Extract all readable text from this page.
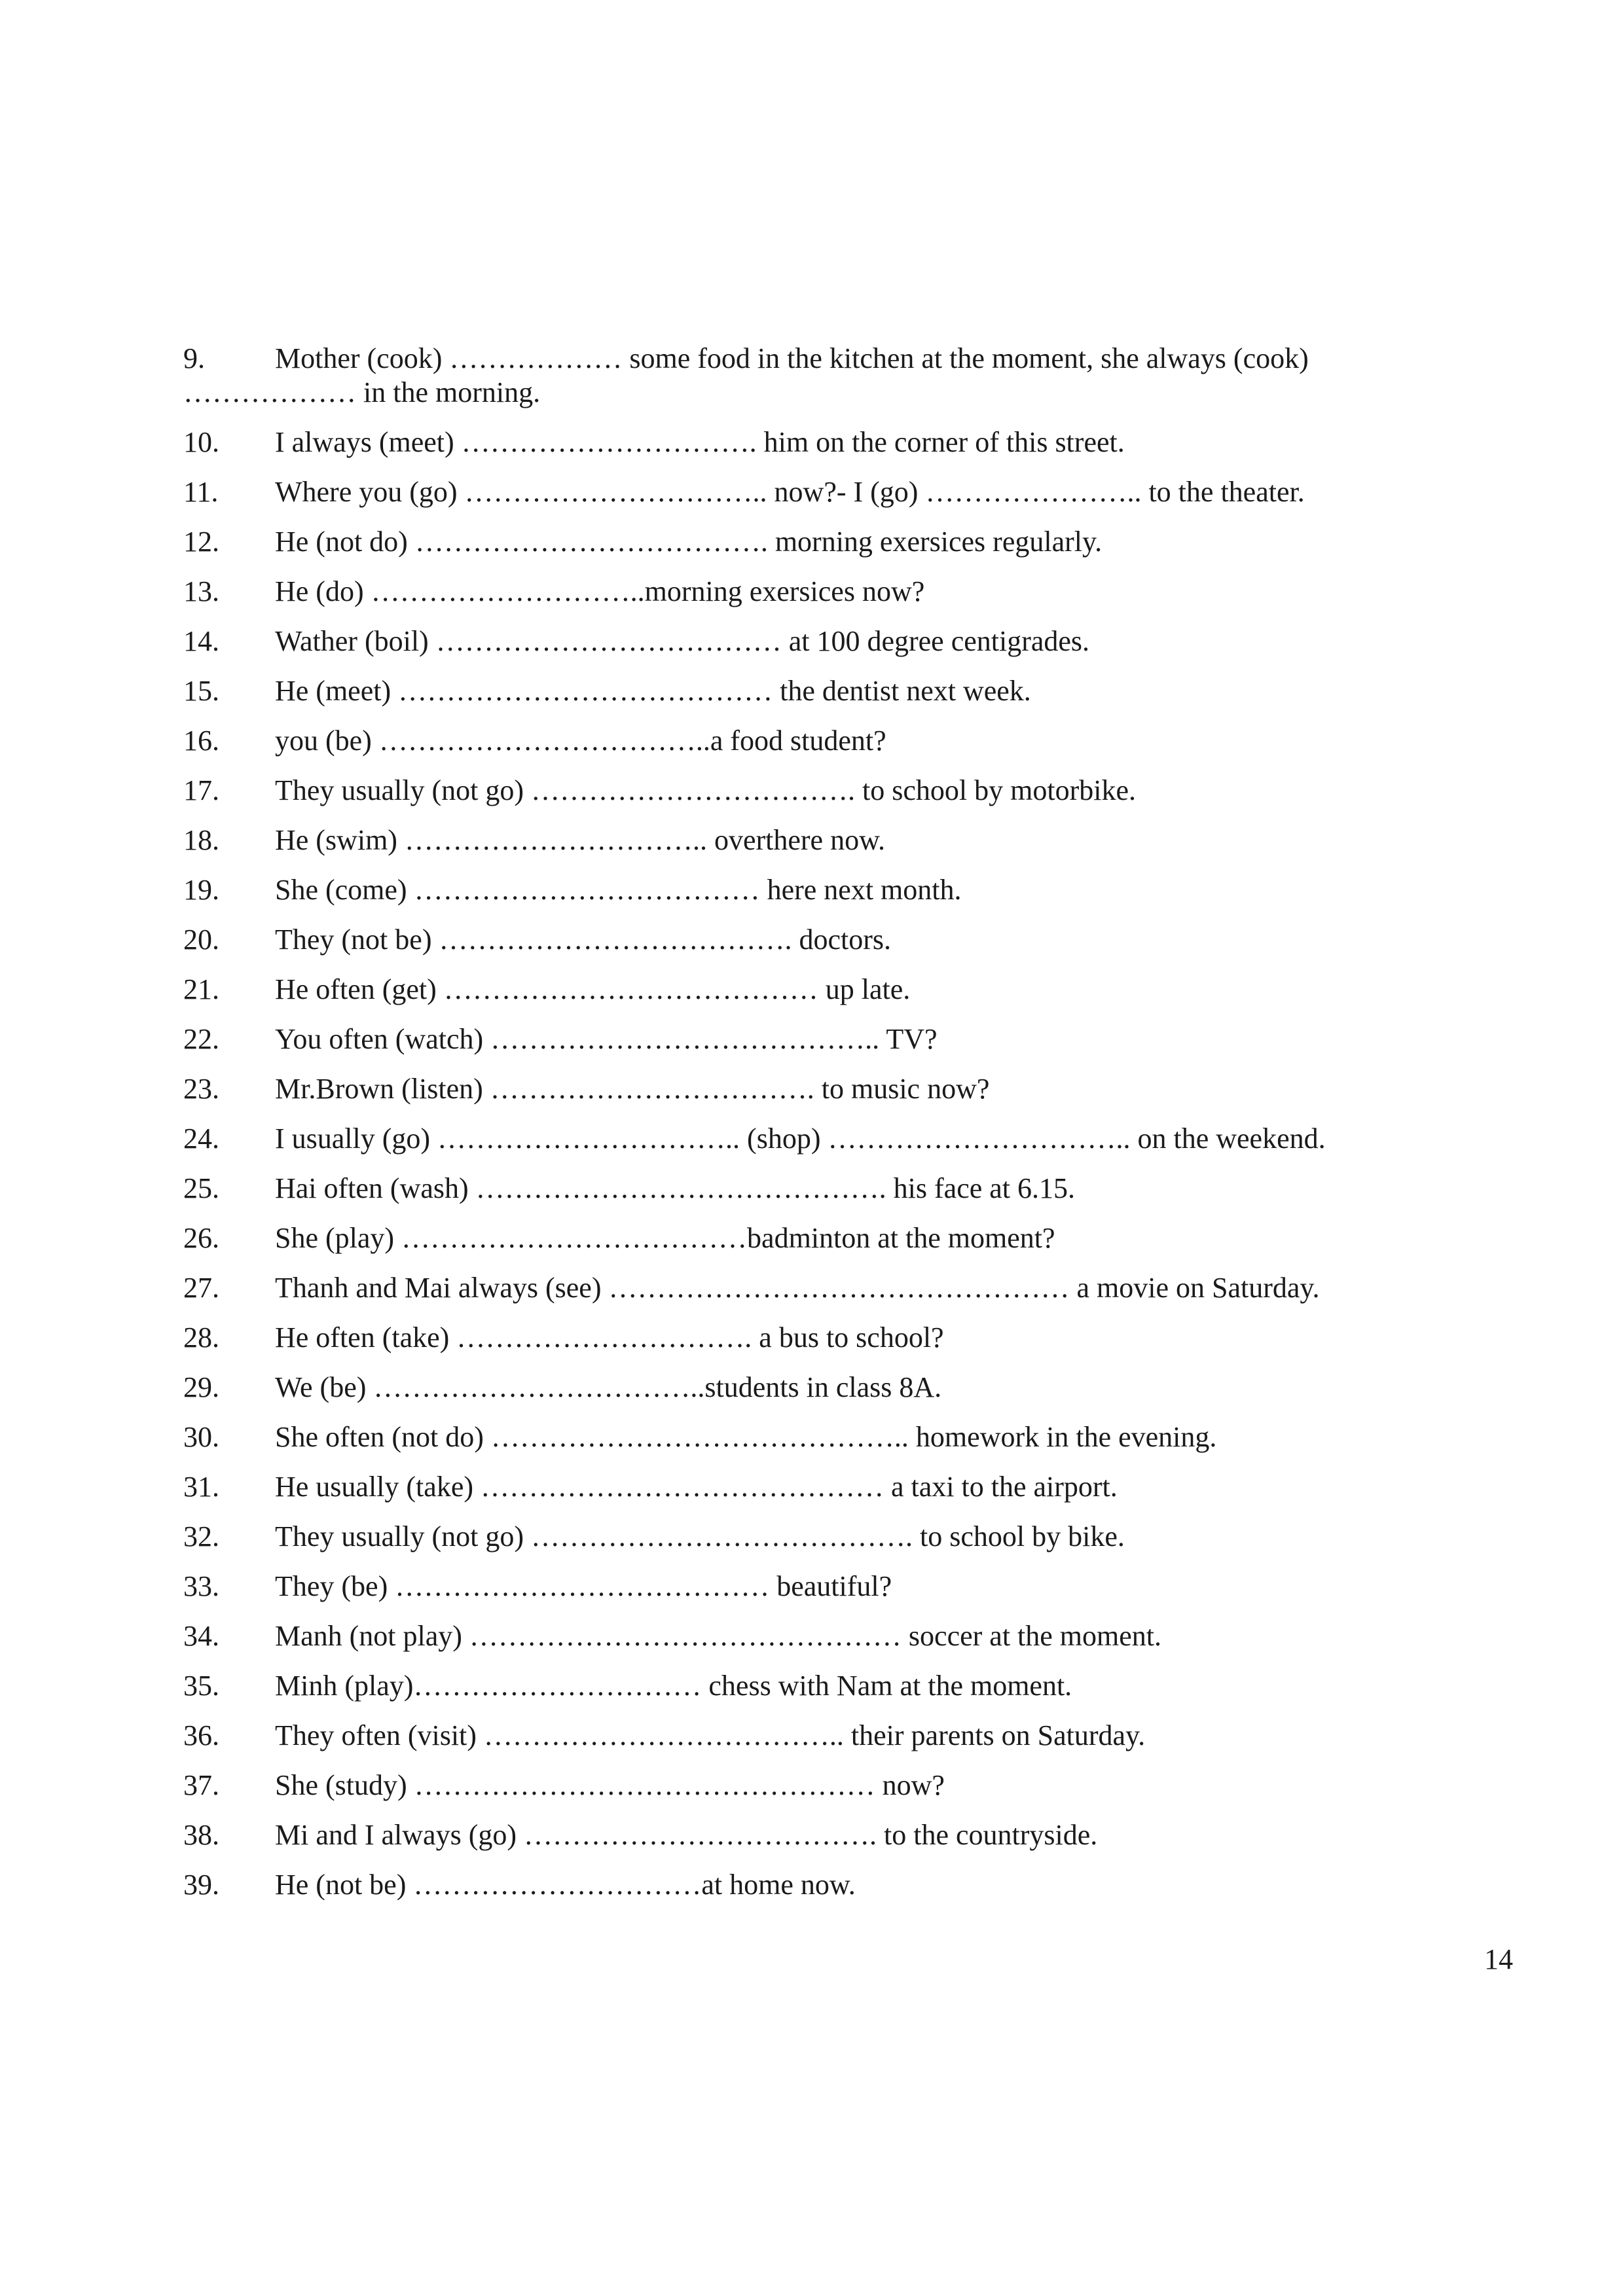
9.	Mother (cook) ……………… some food in the kitchen at the moment, she always (cook) ……………… in the morning.
10.	I always (meet) …………………………. him on the corner of this street.
11.	Where you (go) ………………………….. now?- I (go) ………………….. to the theater.
12.	He (not do) ………………………………. morning exersices regularly.
13.	He (do) ………………………..morning exersices now?
14.	Wather (boil) ……………………………… at 100 degree centigrades.
15.	He (meet) ………………………………… the dentist next week.
16.	you (be) ……………………………..a food student?
17.	They usually (not go) ……………………………. to school by motorbike.
18.	He (swim) ………………………….. overthere now.
19.	She (come) ……………………………… here next month.
20.	They (not be) ………………………………. doctors.
21.	He often (get) ………………………………… up late.
22.	You often (watch) ………………………………….. TV?
23.	Mr.Brown (listen) ……………………………. to music now?
24.	I usually (go) ………………………….. (shop) ………………………….. on the weekend.
25.	Hai often (wash) ……………………………………. his face at 6.15.
26.	She (play) ………………………………badminton at the moment?
27.	Thanh and Mai always (see) ………………………………………… a movie on Saturday.
28.	He often (take) …………………………. a bus to school?
29.	We (be) ……………………………..students in class 8A.
30.	She often (not do) …………………………………….. homework in the evening.
31.	He usually (take) …………………………………… a taxi to the airport.
32.	They usually (not go) …………………………………. to school by bike.
33.	They (be) ………………………………… beautiful?
34.	Manh (not play) ……………………………………… soccer at the moment.
35.	Minh (play)………………………… chess with Nam at the moment.
36.	They often (visit) ……………………………….. their parents on Saturday.
37.	She (study) ………………………………………… now?
38.	Mi and I always (go) ………………………………. to the countryside.
39.	He (not be) …………………………at home now.
14
